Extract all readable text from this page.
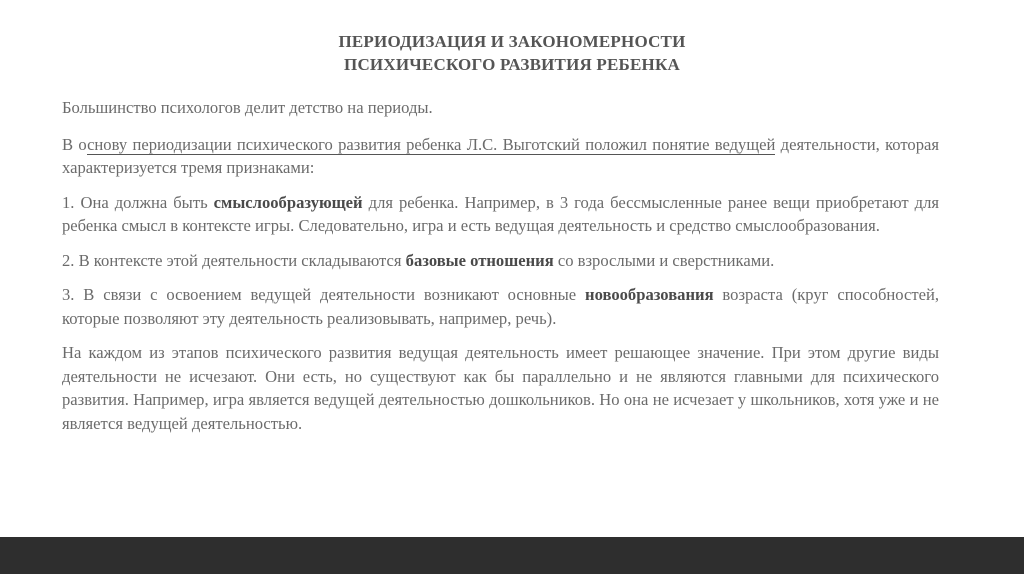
ПЕРИОДИЗАЦИЯ И ЗАКОНОМЕРНОСТИ
ПСИХИЧЕСКОГО РАЗВИТИЯ РЕБЕНКА

Большинство психологов делит детство на периоды.

В основу периодизации психического развития ребенка Л.С. Выготский положил понятие ведущей деятельности, которая характеризуется тремя признаками:

1. Она должна быть смыслообразующей для ребенка. Например, в 3 года бессмысленные ранее вещи приобретают для ребенка смысл в контексте игры. Следовательно, игра и есть ведущая деятельность и средство смыслообразования.

2. В контексте этой деятельности складываются базовые отношения со взрослыми и сверстниками.

3. В связи с освоением ведущей деятельности возникают основные новообразования возраста (круг способностей, которые позволяют эту деятельность реализовывать, например, речь).

На каждом из этапов психического развития ведущая деятельность имеет решающее значение. При этом другие виды деятельности не исчезают. Они есть, но существуют как бы параллельно и не являются главными для психического развития. Например, игра является ведущей деятельностью дошкольников. Но она не исчезает у школьников, хотя уже и не является ведущей деятельностью.
